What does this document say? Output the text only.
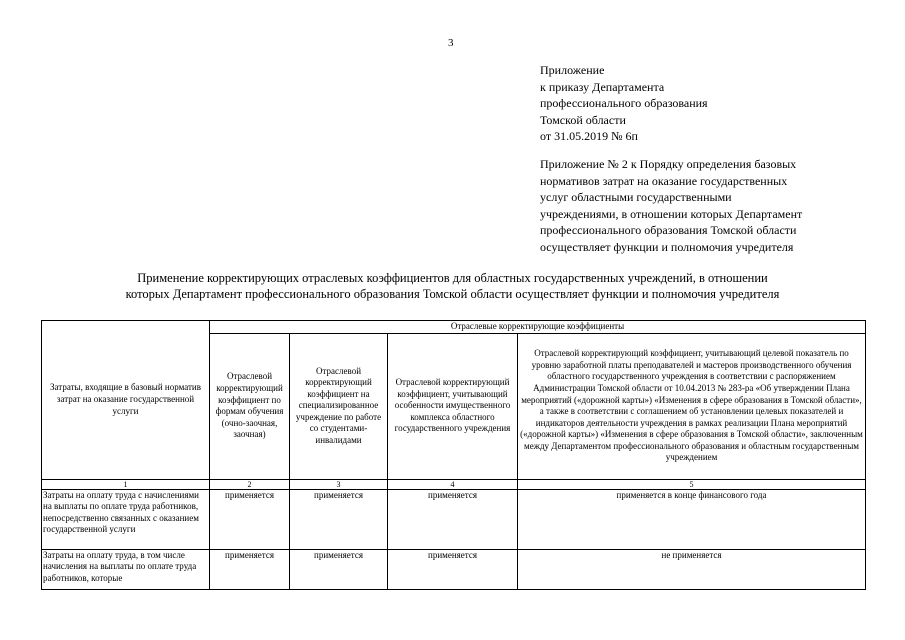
3
Приложение
к приказу Департамента
профессионального образования
Томской области
от 31.05.2019 № 6п
Приложение № 2 к Порядку определения базовых
нормативов затрат на оказание государственных
услуг областными государственными
учреждениями, в отношении которых Департамент
профессионального образования Томской области
осуществляет функции и полномочия учредителя
Применение корректирующих отраслевых коэффициентов для областных государственных учреждений, в отношении
которых Департамент профессионального образования Томской области осуществляет функции и полномочия учредителя
Затраты, входящие в базовый норматив затрат на оказание государственной услуги	Отраслевые корректирующие коэффициенты			
	Отраслевой корректирующий коэффициент по формам обучения (очно-заочная, заочная)	Отраслевой корректирующий коэффициент на специализированное учреждение по работе со студентами-инвалидами	Отраслевой корректирующий коэффициент, учитывающий особенности имущественного комплекса областного государственного учреждения	Отраслевой корректирующий коэффициент, учитывающий целевой показатель по уровню заработной платы преподавателей и мастеров производственного обучения областного государственного учреждения в соответствии с распоряжением Администрации Томской области от 10.04.2013 № 283-ра «Об утверждении Плана мероприятий («дорожной карты») «Изменения в сфере образования в Томской области», а также в соответствии с соглашением об установлении целевых показателей и индикаторов деятельности учреждения в рамках реализации Плана мероприятий («дорожной карты») «Изменения в сфере образования в Томской области», заключенным между Департаментом профессионального образования и областным государственным учреждением
1	2	3	4	5
Затраты на оплату труда с начислениями на выплаты по оплате труда работников, непосредственно связанных с оказанием государственной услуги	применяется	применяется	применяется	применяется в конце финансового года
Затраты на оплату труда, в том числе начисления на выплаты по оплате труда работников, которые	применяется	применяется	применяется	не применяется
